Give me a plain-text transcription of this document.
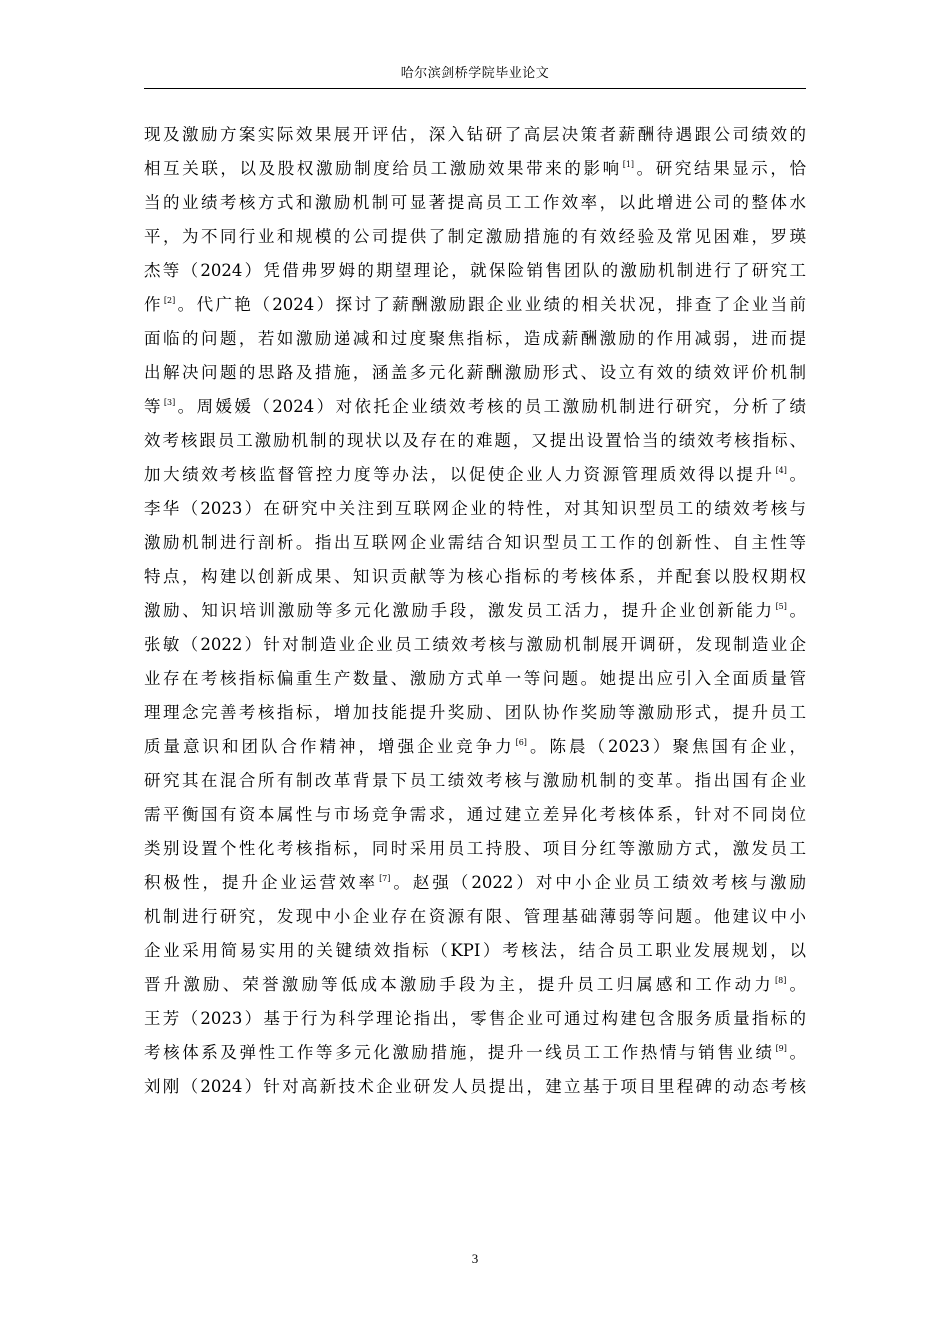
哈尔滨剑桥学院毕业论文
现及激励方案实际效果展开评估，深入钻研了高层决策者薪酬待遇跟公司绩效的
相互关联，以及股权激励制度给员工激励效果带来的影响[1]。研究结果显示，恰
当的业绩考核方式和激励机制可显著提高员工工作效率，以此增进公司的整体水
平，为不同行业和规模的公司提供了制定激励措施的有效经验及常见困难，罗瑛
杰等（2024）凭借弗罗姆的期望理论，就保险销售团队的激励机制进行了研究工
作[2]。代广艳（2024）探讨了薪酬激励跟企业业绩的相关状况，排查了企业当前
面临的问题，若如激励递减和过度聚焦指标，造成薪酬激励的作用减弱，进而提
出解决问题的思路及措施，涵盖多元化薪酬激励形式、设立有效的绩效评价机制
等[3]。周媛媛（2024）对依托企业绩效考核的员工激励机制进行研究，分析了绩
效考核跟员工激励机制的现状以及存在的难题，又提出设置恰当的绩效考核指标、
加大绩效考核监督管控力度等办法，以促使企业人力资源管理质效得以提升[4]。
李华（2023）在研究中关注到互联网企业的特性，对其知识型员工的绩效考核与
激励机制进行剖析。指出互联网企业需结合知识型员工工作的创新性、自主性等
特点，构建以创新成果、知识贡献等为核心指标的考核体系，并配套以股权期权
激励、知识培训激励等多元化激励手段，激发员工活力，提升企业创新能力[5]。
张敏（2022）针对制造业企业员工绩效考核与激励机制展开调研，发现制造业企
业存在考核指标偏重生产数量、激励方式单一等问题。她提出应引入全面质量管
理理念完善考核指标，增加技能提升奖励、团队协作奖励等激励形式，提升员工
质量意识和团队合作精神，增强企业竞争力[6]。陈晨（2023）聚焦国有企业，
研究其在混合所有制改革背景下员工绩效考核与激励机制的变革。指出国有企业
需平衡国有资本属性与市场竞争需求，通过建立差异化考核体系，针对不同岗位
类别设置个性化考核指标，同时采用员工持股、项目分红等激励方式，激发员工
积极性，提升企业运营效率[7]。赵强（2022）对中小企业员工绩效考核与激励
机制进行研究，发现中小企业存在资源有限、管理基础薄弱等问题。他建议中小
企业采用简易实用的关键绩效指标（KPI）考核法，结合员工职业发展规划，以
晋升激励、荣誉激励等低成本激励手段为主，提升员工归属感和工作动力[8]。
王芳（2023）基于行为科学理论指出，零售企业可通过构建包含服务质量指标的
考核体系及弹性工作等多元化激励措施，提升一线员工工作热情与销售业绩[9]。
刘刚（2024）针对高新技术企业研发人员提出，建立基于项目里程碑的动态考核
3
